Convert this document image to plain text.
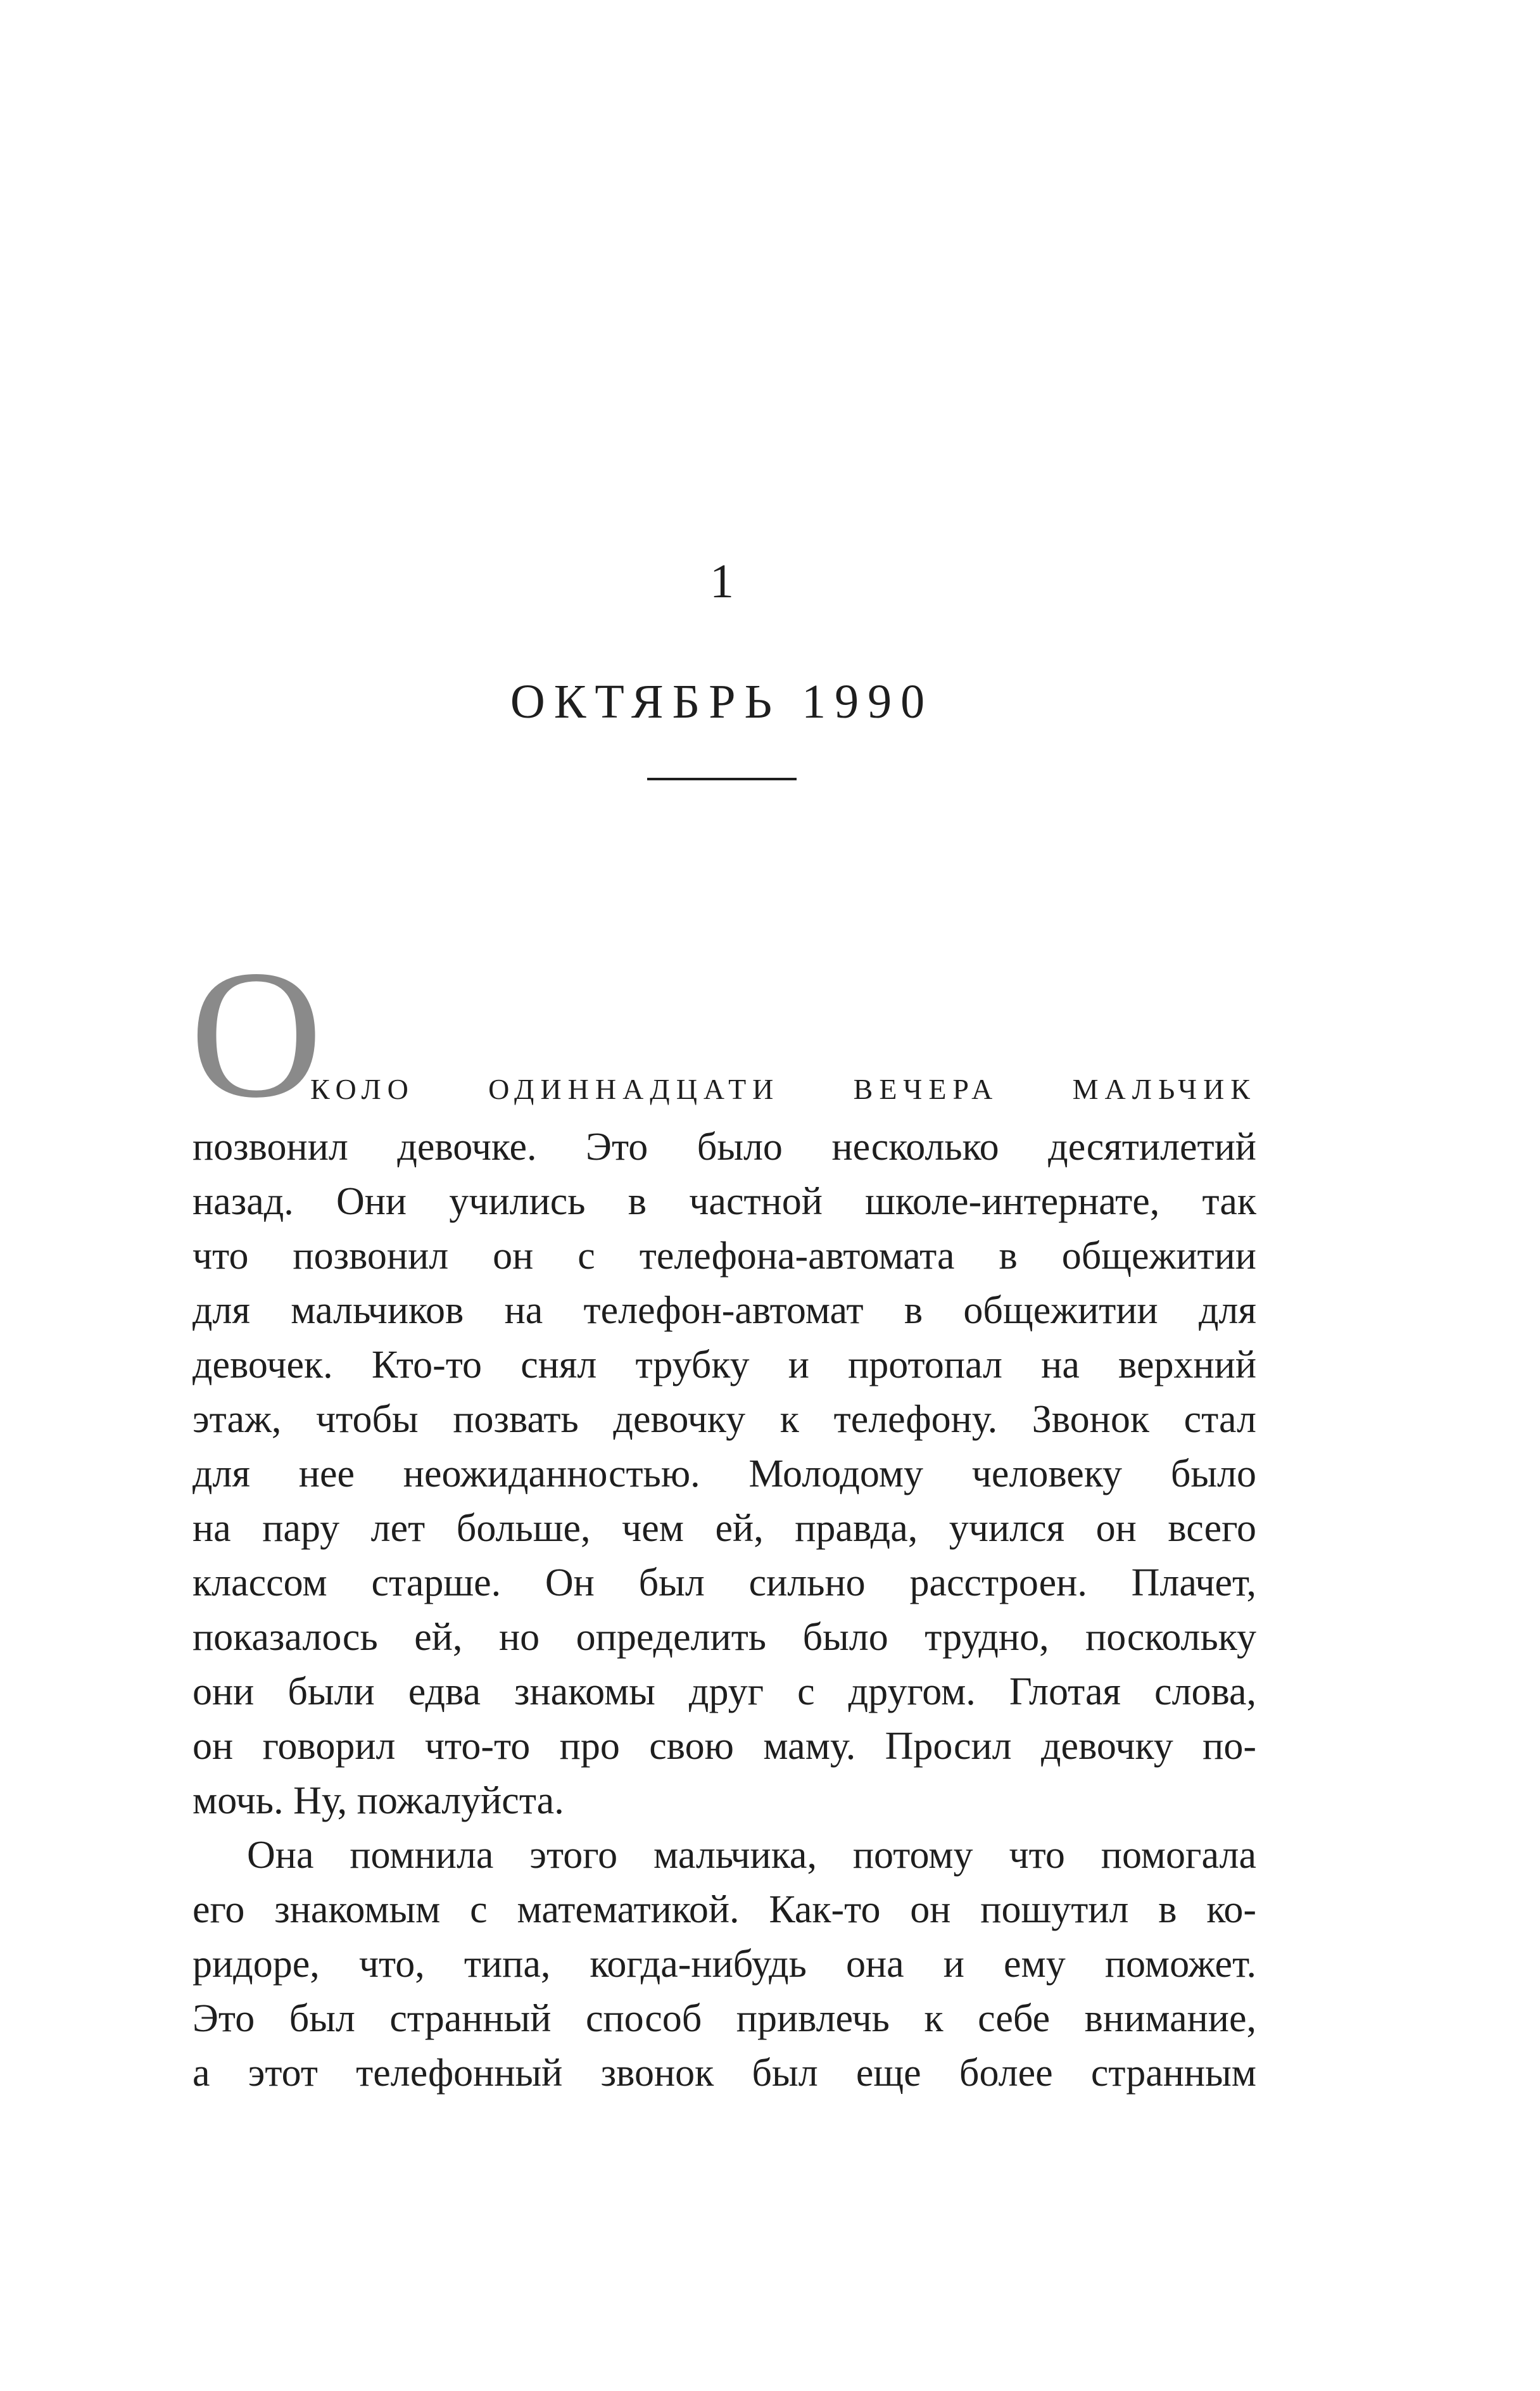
1
ОКТЯБРЬ 1990
О
КОЛО	ОДИННАДЦАТИ	ВЕЧЕРА	МАЛЬЧИК
позвонил девочке. Это было несколько десятилетий
назад. Они учились в частной школе-интернате, так
что позвонил он с телефона-автомата в общежитии
для мальчиков на телефон-автомат в общежитии для
девочек. Кто-то снял трубку и протопал на верхний
этаж, чтобы позвать девочку к телефону. Звонок стал
для нее неожиданностью. Молодому человеку было
на пару лет больше, чем ей, правда, учился он всего
классом старше. Он был сильно расстроен. Плачет,
показалось ей, но определить было трудно, поскольку
они были едва знакомы друг с другом. Глотая слова,
он говорил что-то про свою маму. Просил девочку по-
мочь. Ну, пожалуйста.
Она помнила этого мальчика, потому что помогала
его знакомым с математикой. Как-то он пошутил в ко-
ридоре, что, типа, когда-нибудь она и ему поможет.
Это был странный способ привлечь к себе внимание,
а этот телефонный звонок был еще более странным
